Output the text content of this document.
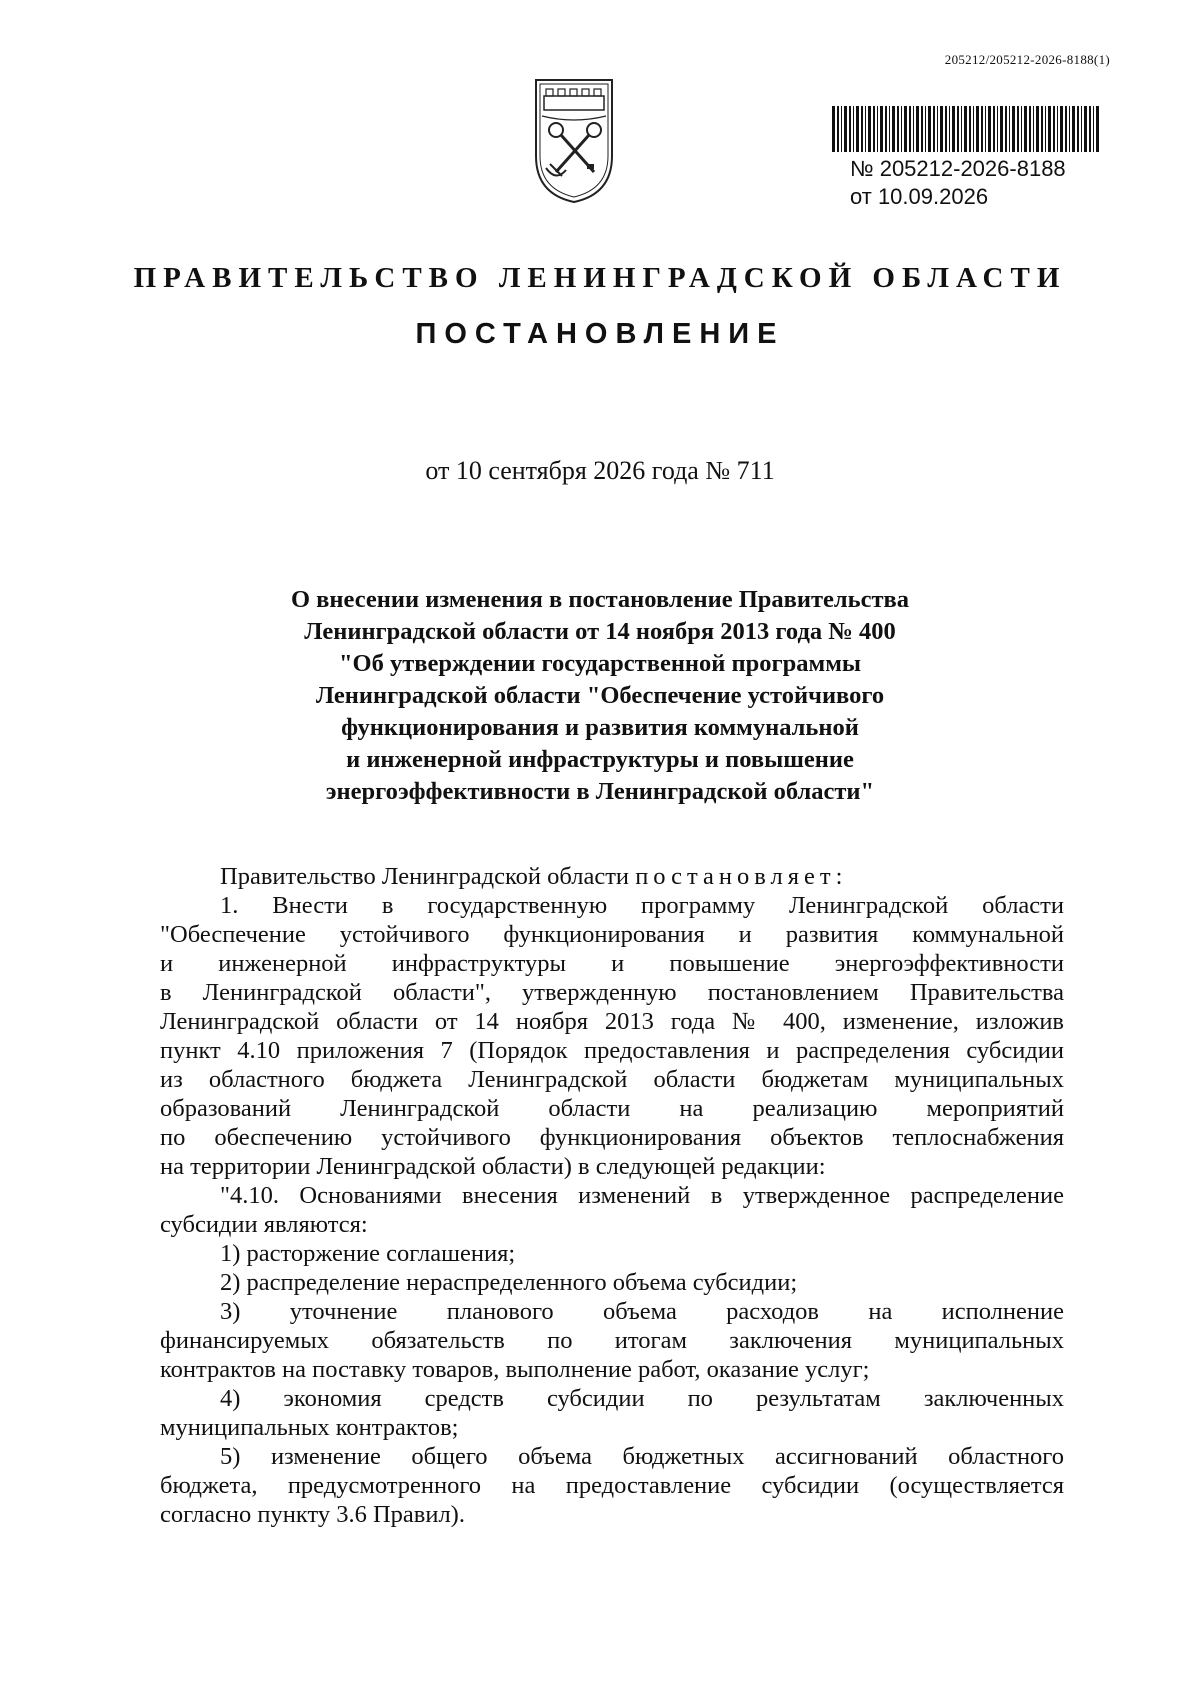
205212/205212-2026-8188(1)
№ 205212-2026-8188
от 10.09.2026
ПРАВИТЕЛЬСТВО ЛЕНИНГРАДСКОЙ ОБЛАСТИ
ПОСТАНОВЛЕНИЕ
от 10 сентября 2026 года № 711
О внесении изменения в постановление Правительства
Ленинградской области от 14 ноября 2013 года № 400
"Об утверждении государственной программы
Ленинградской области "Обеспечение устойчивого
функционирования и развития коммунальной
и инженерной инфраструктуры и повышение
энергоэффективности в Ленинградской области"

Правительство Ленинградской области постановляет:

1. Внести в государственную программу Ленинградской области

"Обеспечение устойчивого функционирования и развития коммунальной

и инженерной инфраструктуры и повышение энергоэффективности

в Ленинградской области", утвержденную постановлением Правительства

Ленинградской области от 14 ноября 2013 года № 400, изменение, изложив

пункт 4.10 приложения 7 (Порядок предоставления и распределения субсидии

из областного бюджета Ленинградской области бюджетам муниципальных

образований Ленинградской области на реализацию мероприятий

по обеспечению устойчивого функционирования объектов теплоснабжения

на территории Ленинградской области) в следующей редакции:

"4.10. Основаниями внесения изменений в утвержденное распределение

субсидии являются:

1) расторжение соглашения;

2) распределение нераспределенного объема субсидии;

3) уточнение планового объема расходов на исполнение

финансируемых обязательств по итогам заключения муниципальных

контрактов на поставку товаров, выполнение работ, оказание услуг;

4) экономия средств субсидии по результатам заключенных

муниципальных контрактов;

5) изменение общего объема бюджетных ассигнований областного

бюджета, предусмотренного на предоставление субсидии (осуществляется

согласно пункту 3.6 Правил).
